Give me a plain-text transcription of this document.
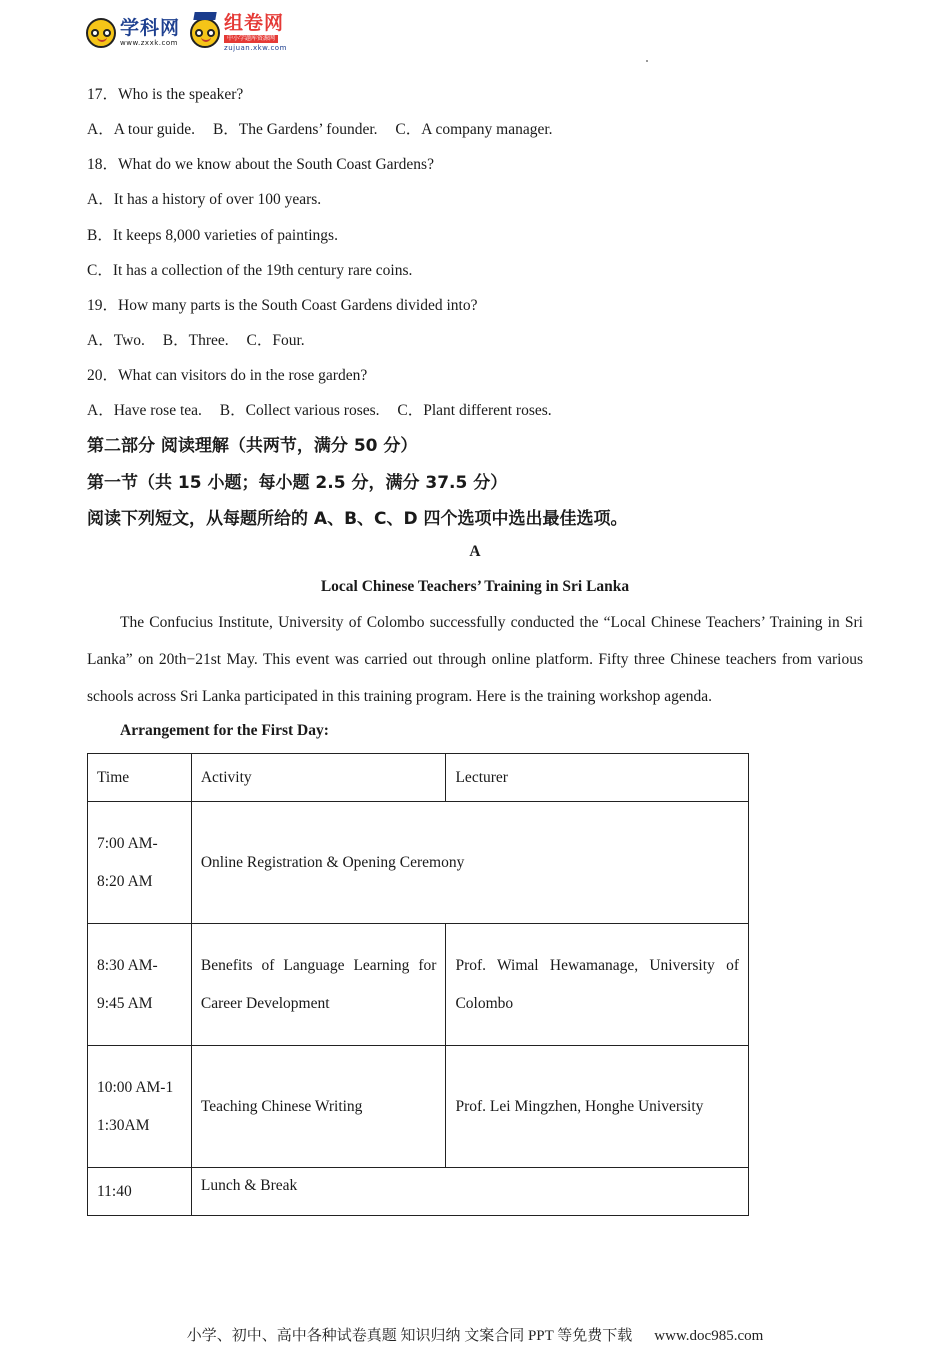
学科网
www.zxxk.com
组卷网
中小学题库资源网
zujuan.xkw.com
17．Who is the speaker?
A．A tour guide. B．The Gardens’ founder. C．A company manager.
18．What do we know about the South Coast Gardens?
A．It has a history of over 100 years.
B．It keeps 8,000 varieties of paintings.
C．It has a collection of the 19th century rare coins.
19．How many parts is the South Coast Gardens divided into?
A．Two. B．Three. C．Four.
20．What can visitors do in the rose garden?
A．Have rose tea. B．Collect various roses. C．Plant different roses.
第二部分 阅读理解（共两节，满分 50 分）
第一节（共 15 小题；每小题 2.5 分，满分 37.5 分）
阅读下列短文，从每题所给的 A、B、C、D 四个选项中选出最佳选项。
A
Local Chinese Teachers’ Training in Sri Lanka
The Confucius Institute, University of Colombo successfully conducted the “Local Chinese Teachers’ Training in Sri Lanka” on 20th−21st May. This event was carried out through online platform. Fifty three Chinese teachers from various schools across Sri Lanka participated in this training program. Here is the training workshop agenda.
Arrangement for the First Day:
Time	Activity	Lecturer
7:00 AM-8:20 AM	Online Registration & Opening Ceremony	
8:30 AM-9:45 AM	Benefits of Language Learning for Career Development	Prof. Wimal Hewamanage, University of Colombo
10:00 AM-11:30AM	Teaching Chinese Writing	Prof. Lei Mingzhen, Honghe University
11:40	Lunch & Break	
小学、初中、高中各种试卷真题 知识归纳 文案合同 PPT 等免费下载 www.doc985.com
